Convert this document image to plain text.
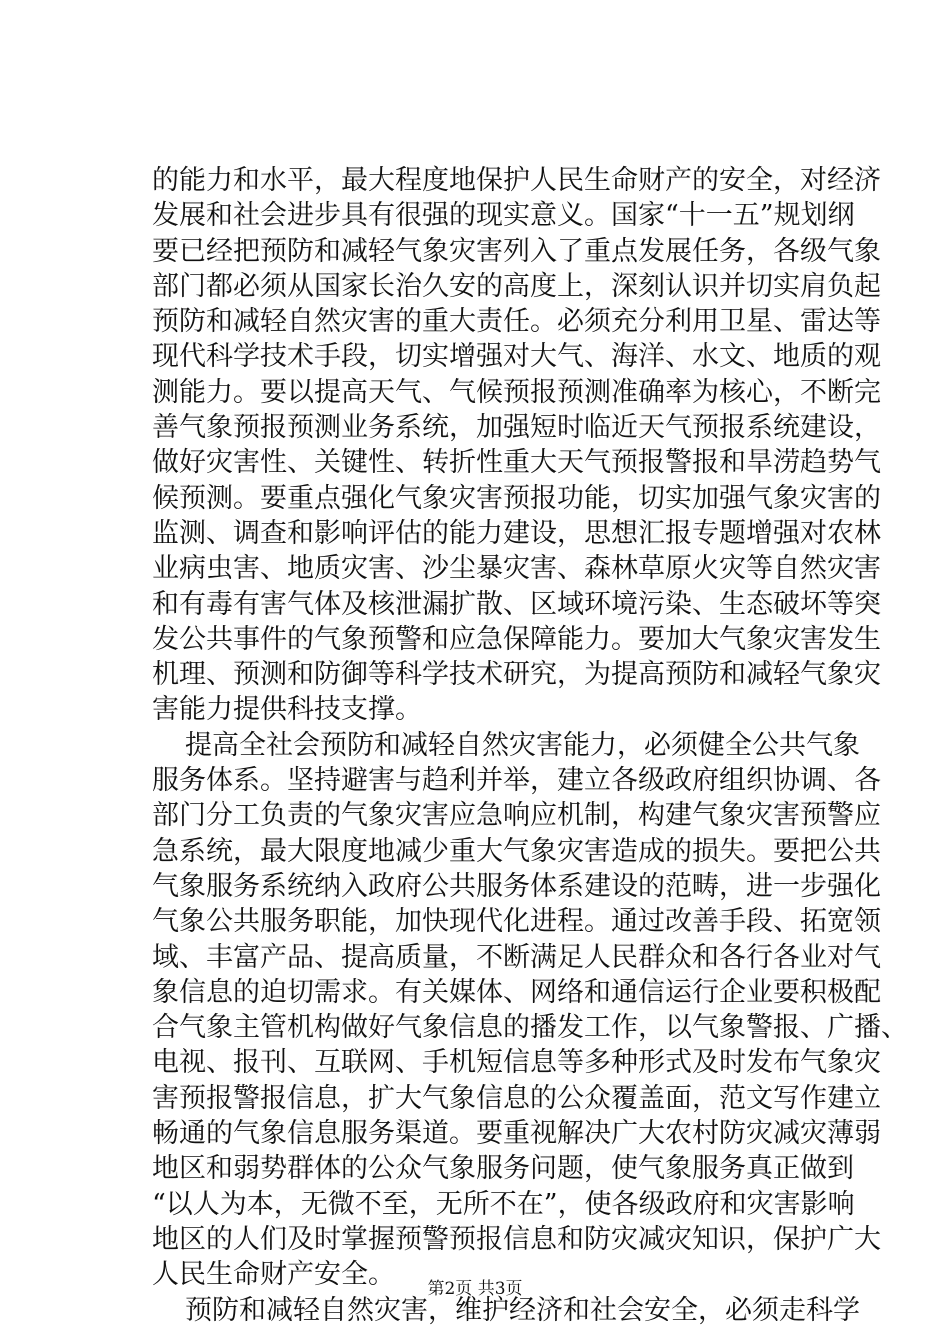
的能力和水平，最大程度地保护人民生命财产的安全，对经济
发展和社会进步具有很强的现实意义。国家“十一五”规划纲
要已经把预防和减轻气象灾害列入了重点发展任务，各级气象
部门都必须从国家长治久安的高度上，深刻认识并切实肩负起
预防和减轻自然灾害的重大责任。必须充分利用卫星、雷达等
现代科学技术手段，切实增强对大气、海洋、水文、地质的观
测能力。要以提高天气、气候预报预测准确率为核心，不断完
善气象预报预测业务系统，加强短时临近天气预报系统建设，
做好灾害性、关键性、转折性重大天气预报警报和旱涝趋势气
候预测。要重点强化气象灾害预报功能，切实加强气象灾害的
监测、调查和影响评估的能力建设，思想汇报专题增强对农林
业病虫害、地质灾害、沙尘暴灾害、森林草原火灾等自然灾害
和有毒有害气体及核泄漏扩散、区域环境污染、生态破坏等突
发公共事件的气象预警和应急保障能力。要加大气象灾害发生
机理、预测和防御等科学技术研究，为提高预防和减轻气象灾
害能力提供科技支撑。
提高全社会预防和减轻自然灾害能力，必须健全公共气象
服务体系。坚持避害与趋利并举，建立各级政府组织协调、各
部门分工负责的气象灾害应急响应机制，构建气象灾害预警应
急系统，最大限度地减少重大气象灾害造成的损失。要把公共
气象服务系统纳入政府公共服务体系建设的范畴，进一步强化
气象公共服务职能，加快现代化进程。通过改善手段、拓宽领
域、丰富产品、提高质量，不断满足人民群众和各行各业对气
象信息的迫切需求。有关媒体、网络和通信运行企业要积极配
合气象主管机构做好气象信息的播发工作，以气象警报、广播、
电视、报刊、互联网、手机短信息等多种形式及时发布气象灾
害预报警报信息，扩大气象信息的公众覆盖面，范文写作建立
畅通的气象信息服务渠道。要重视解决广大农村防灾减灾薄弱
地区和弱势群体的公众气象服务问题，使气象服务真正做到
“以人为本，无微不至，无所不在”，使各级政府和灾害影响
地区的人们及时掌握预警预报信息和防灾减灾知识，保护广大
人民生命财产安全。
预防和减轻自然灾害，维护经济和社会安全，必须走科学
第2页 共3页
